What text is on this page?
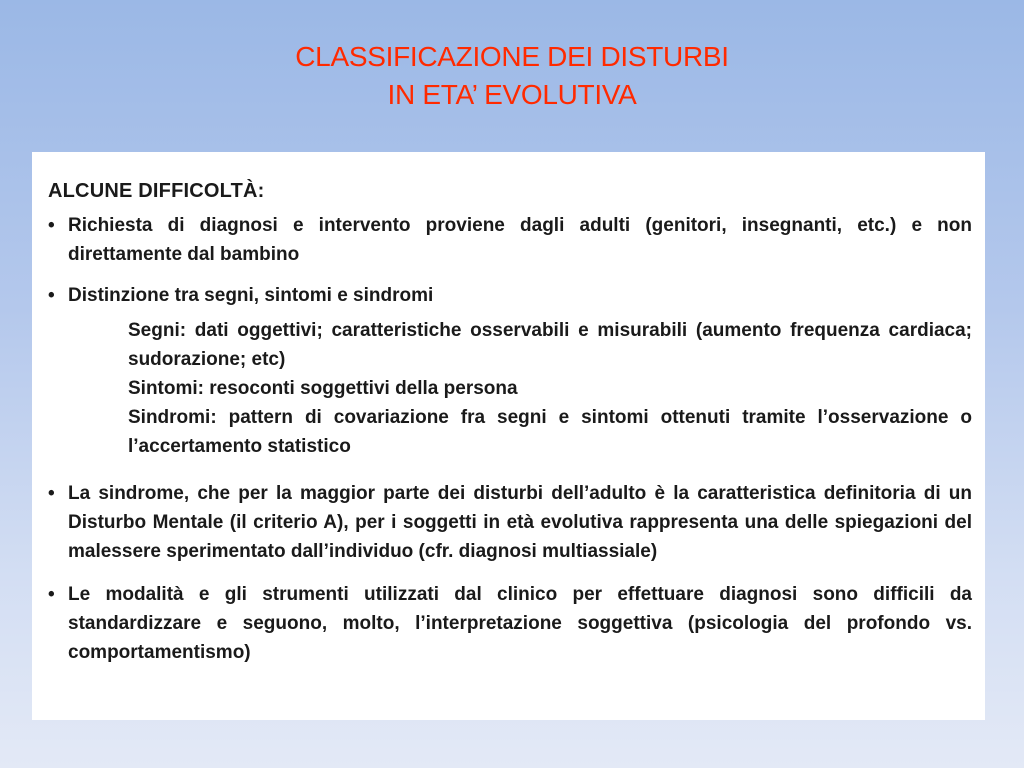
CLASSIFICAZIONE DEI DISTURBI
IN ETA’ EVOLUTIVA
ALCUNE DIFFICOLTÀ:
• Richiesta di diagnosi e intervento proviene dagli adulti (genitori, insegnanti, etc.) e non direttamente dal bambino
• Distinzione tra segni, sintomi e sindromi

Segni: dati oggettivi; caratteristiche osservabili e misurabili (aumento frequenza cardiaca; sudorazione; etc)

Sintomi: resoconti soggettivi della persona

Sindromi: pattern di covariazione fra segni e sintomi ottenuti tramite l’osservazione o l’accertamento statistico

• La sindrome, che per la maggior parte dei disturbi dell’adulto è la caratteristica definitoria di un Disturbo Mentale (il criterio A), per i soggetti in età evolutiva rappresenta una delle spiegazioni del malessere sperimentato dall’individuo (cfr. diagnosi multiassiale)
• Le modalità e gli strumenti utilizzati dal clinico per effettuare diagnosi sono difficili da standardizzare e seguono, molto, l’interpretazione soggettiva (psicologia del profondo vs. comportamentismo)
